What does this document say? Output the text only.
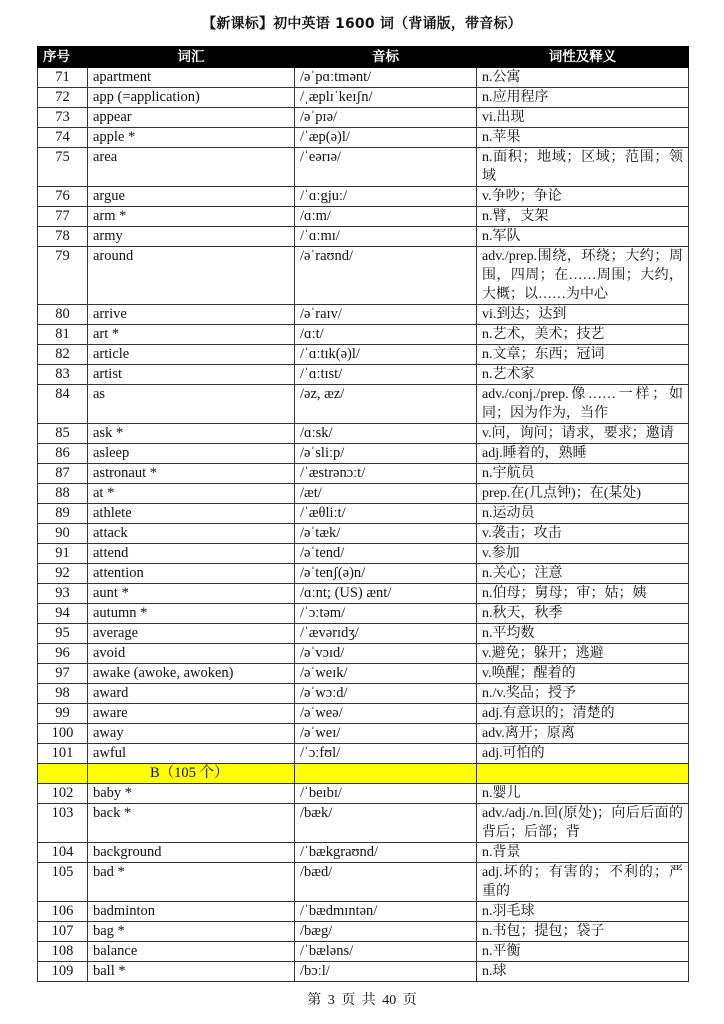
【新课标】初中英语 1600 词（背诵版，带音标）
序号	词汇	音标	词性及释义
71	apartment	/əˈpɑːtmənt/	n.公寓
72	app (=application)	/ˌæplɪˈkeɪʃn/	n.应用程序
73	appear	/əˈpɪə/	vi.出现
74	apple *	/ˈæp(ə)l/	n.苹果
75	area	/ˈeərɪə/	n.面积；地域；区域；范围；领域
76	argue	/ˈɑːgjuː/	v.争吵；争论
77	arm *	/ɑːm/	n.臂，支架
78	army	/ˈɑːmɪ/	n.军队
79	around	/əˈraʊnd/	adv./prep.围绕，环绕；大约；周围，四周；在……周围；大约，大概；以……为中心
80	arrive	/əˈraɪv/	vi.到达；达到
81	art *	/ɑːt/	n.艺术，美术；技艺
82	article	/ˈɑːtɪk(ə)l/	n.文章；东西；冠词
83	artist	/ˈɑːtɪst/	n.艺术家
84	as	/əz, æz/	adv./conj./prep.像……一样；如同；因为作为，当作
85	ask *	/ɑːsk/	v.问，询问；请求，要求；邀请
86	asleep	/əˈsliːp/	adj.睡着的，熟睡
87	astronaut *	/ˈæstrənɔːt/	n.宇航员
88	at *	/æt/	prep.在(几点钟)；在(某处)
89	athlete	/ˈæθliːt/	n.运动员
90	attack	/əˈtæk/	v.袭击；攻击
91	attend	/əˈtend/	v.参加
92	attention	/əˈtenʃ(ə)n/	n.关心；注意
93	aunt *	/ɑːnt; (US) ænt/	n.伯母；舅母；审；姑；姨
94	autumn *	/ˈɔːtəm/	n.秋天，秋季
95	average	/ˈævərɪdʒ/	n.平均数
96	avoid	/əˈvɔɪd/	v.避免；躲开；逃避
97	awake (awoke, awoken)	/əˈweɪk/	v.唤醒；醒着的
98	award	/əˈwɔːd/	n./v.奖品；授予
99	aware	/əˈweə/	adj.有意识的；清楚的
100	away	/əˈweɪ/	adv.离开；原离
101	awful	/ˈɔːfʊl/	adj.可怕的
	B（105 个）		
102	baby *	/ˈbeɪbɪ/	n.婴儿
103	back *	/bæk/	adv./adj./n.回(原处)；向后后面的背后；后部；背
104	background	/ˈbækgraʊnd/	n.背景
105	bad *	/bæd/	adj.坏的；有害的；不利的；严重的
106	badminton	/ˈbædmɪntən/	n.羽毛球
107	bag *	/bæg/	n.书包；提包；袋子
108	balance	/ˈbæləns/	n.平衡
109	ball *	/bɔːl/	n.球
第 3 页 共 40 页
